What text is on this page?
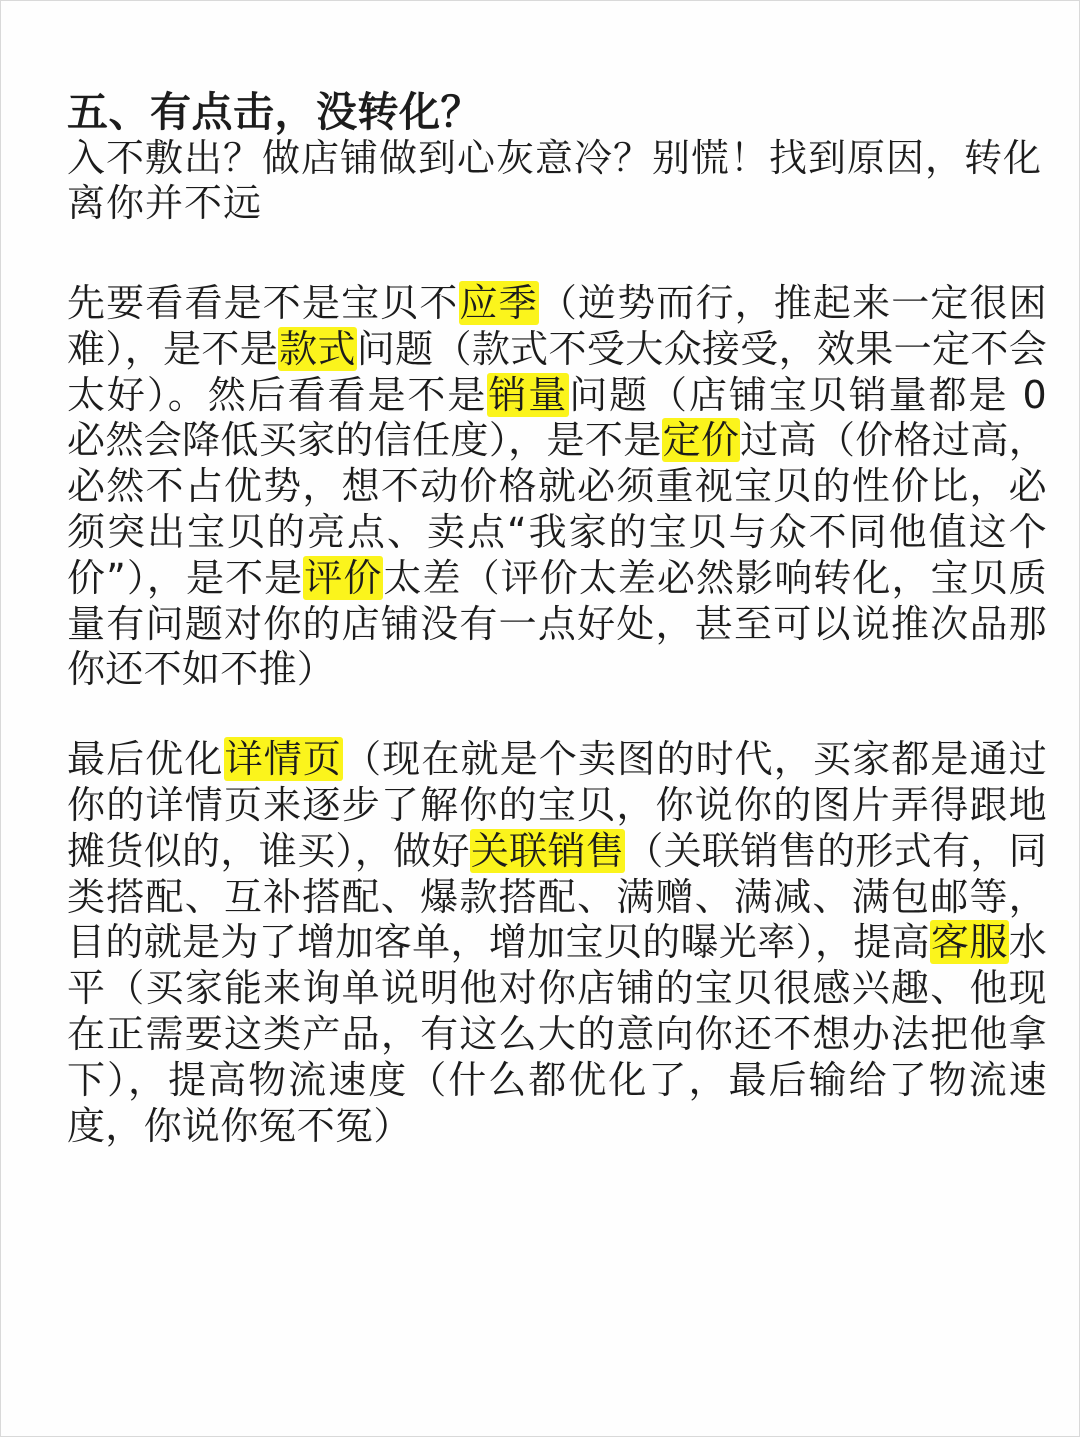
五、有点击，没转化？

入不敷出？做店铺做到心灰意冷？别慌！找到原因，转化离你并不远

先要看看是不是宝贝不应季（逆势而行，推起来一定很困难），是不是款式问题（款式不受大众接受，效果一定不会太好）。然后看看是不是销量问题（店铺宝贝销量都是 0 必然会降低买家的信任度），是不是定价过高（价格过高，必然不占优势，想不动价格就必须重视宝贝的性价比，必须突出宝贝的亮点、卖点“我家的宝贝与众不同他值这个价”），是不是评价太差（评价太差必然影响转化，宝贝质量有问题对你的店铺没有一点好处，甚至可以说推次品那你还不如不推）

最后优化详情页（现在就是个卖图的时代，买家都是通过你的详情页来逐步了解你的宝贝，你说你的图片弄得跟地摊货似的，谁买），做好关联销售（关联销售的形式有，同类搭配、互补搭配、爆款搭配、满赠、满减、满包邮等，目的就是为了增加客单，增加宝贝的曝光率），提高客服水平（买家能来询单说明他对你店铺的宝贝很感兴趣、他现在正需要这类产品，有这么大的意向你还不想办法把他拿下），提高物流速度（什么都优化了，最后输给了物流速度，你说你冤不冤）
